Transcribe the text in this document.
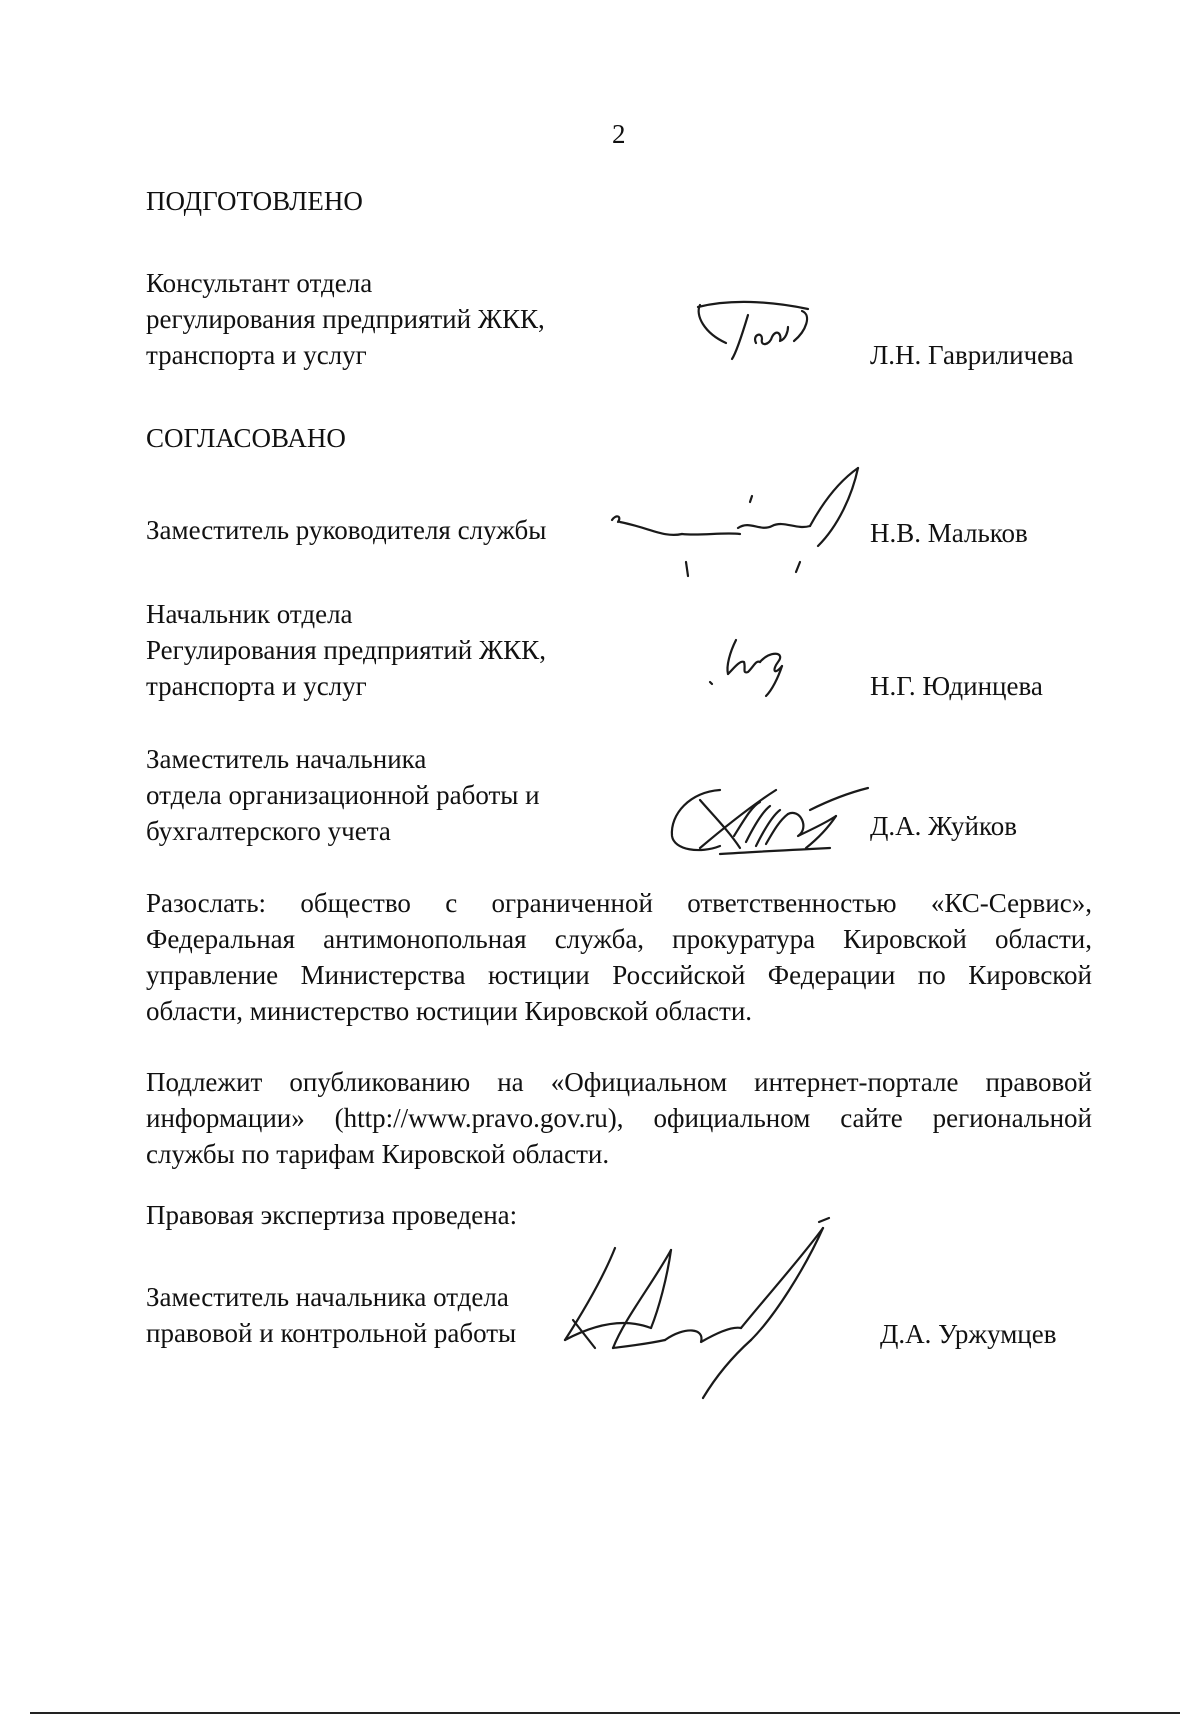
2
ПОДГОТОВЛЕНО
Консультант отдела
регулирования предприятий ЖКК,
транспорта и услуг	Л.Н. Гавриличева
СОГЛАСОВАНО
Заместитель руководителя службы	Н.В. Мальков
Начальник отдела
Регулирования предприятий ЖКК,
транспорта и услуг	Н.Г. Юдинцева
Заместитель начальника
отдела организационной работы и
бухгалтерского учета	Д.А. Жуйков
Разослать: общество с ограниченной ответственностью «КС-Сервис»,
Федеральная антимонопольная служба, прокуратура Кировской области,
управление Министерства юстиции Российской Федерации по Кировской
области, министерство юстиции Кировской области.
Подлежит опубликованию на «Официальном интернет-портале правовой
информации» (http://www.pravo.gov.ru), официальном сайте региональной
службы по тарифам Кировской области.
Правовая экспертиза проведена:
Заместитель начальника отдела
правовой и контрольной работы	Д.А. Уржумцев
